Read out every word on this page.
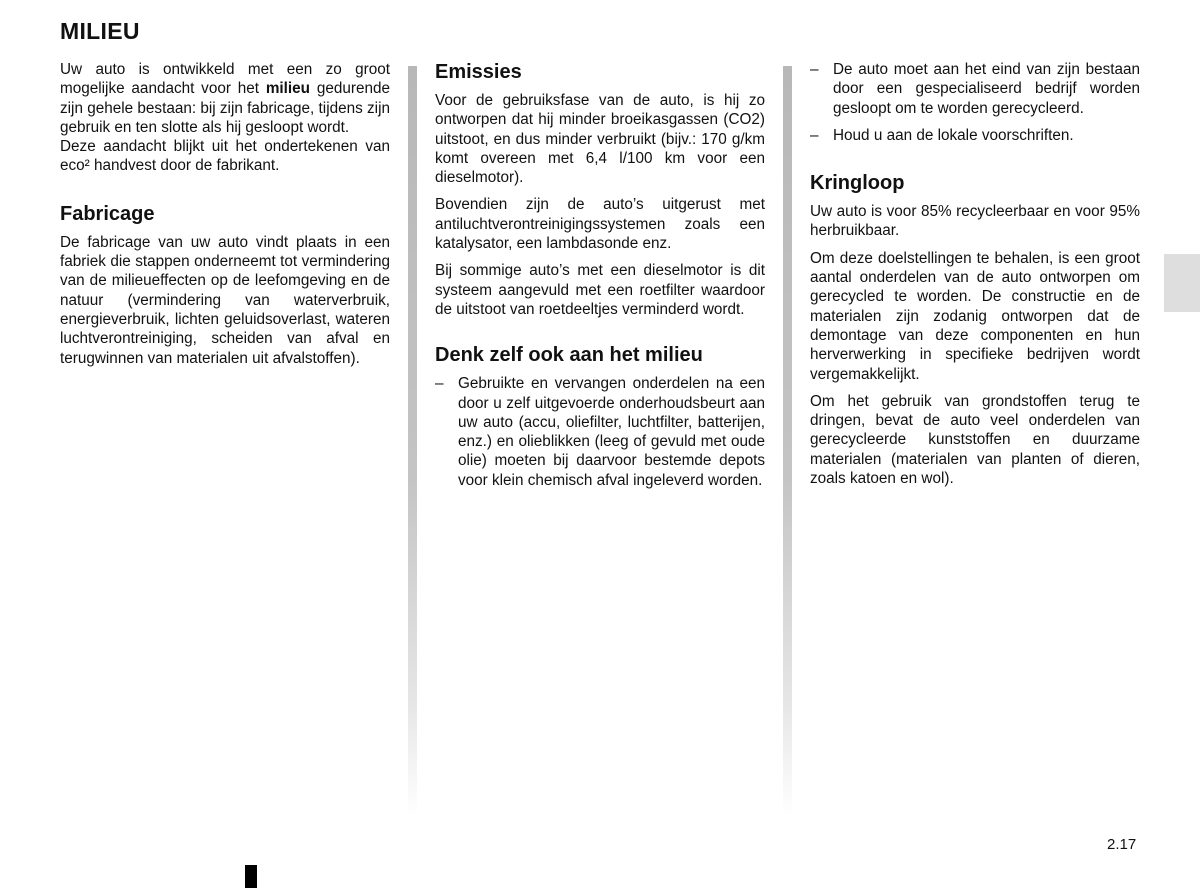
MILIEU

Uw auto is ontwikkeld met een zo groot mogelijke aandacht voor het milieu gedurende zijn gehele bestaan: bij zijn fabricage, tijdens zijn gebruik en ten slotte als hij gesloopt wordt.
Deze aandacht blijkt uit het ondertekenen van eco² handvest door de fabrikant.

Fabricage

De fabricage van uw auto vindt plaats in een fabriek die stappen onderneemt tot vermindering van de milieueffecten op de leefomgeving en de natuur (vermindering van waterverbruik, energieverbruik, lichten geluidsoverlast, wateren luchtverontreiniging, scheiden van afval en terugwinnen van materialen uit afvalstoffen).

Emissies

Voor de gebruiksfase van de auto, is hij zo ontworpen dat hij minder broeikasgassen (CO2) uitstoot, en dus minder verbruikt (bijv.: 170 g/km komt overeen met 6,4 l/100 km voor een dieselmotor).

Bovendien zijn de auto’s uitgerust met antiluchtverontreinigingssystemen zoals een katalysator, een lambdasonde enz.

Bij sommige auto’s met een dieselmotor is dit systeem aangevuld met een roetfilter waardoor de uitstoot van roetdeeltjes verminderd wordt.

Denk zelf ook aan het milieu
– Gebruikte en vervangen onderdelen na een door u zelf uitgevoerde onderhoudsbeurt aan uw auto (accu, oliefilter, luchtfilter, batterijen, enz.) en olieblikken (leeg of gevuld met oude olie) moeten bij daarvoor bestemde depots voor klein chemisch afval ingeleverd worden.
– De auto moet aan het eind van zijn bestaan door een gespecialiseerd bedrijf worden gesloopt om te worden gerecycleerd.
– Houd u aan de lokale voorschriften.
Kringloop

Uw auto is voor 85% recycleerbaar en voor 95% herbruikbaar.

Om deze doelstellingen te behalen, is een groot aantal onderdelen van de auto ontworpen om gerecycled te worden. De constructie en de materialen zijn zodanig ontworpen dat de demontage van deze componenten en hun herverwerking in specifieke bedrijven wordt vergemakkelijkt.

Om het gebruik van grondstoffen terug te dringen, bevat de auto veel onderdelen van gerecycleerde kunststoffen en duurzame materialen (materialen van planten of dieren, zoals katoen en wol).

2.17
